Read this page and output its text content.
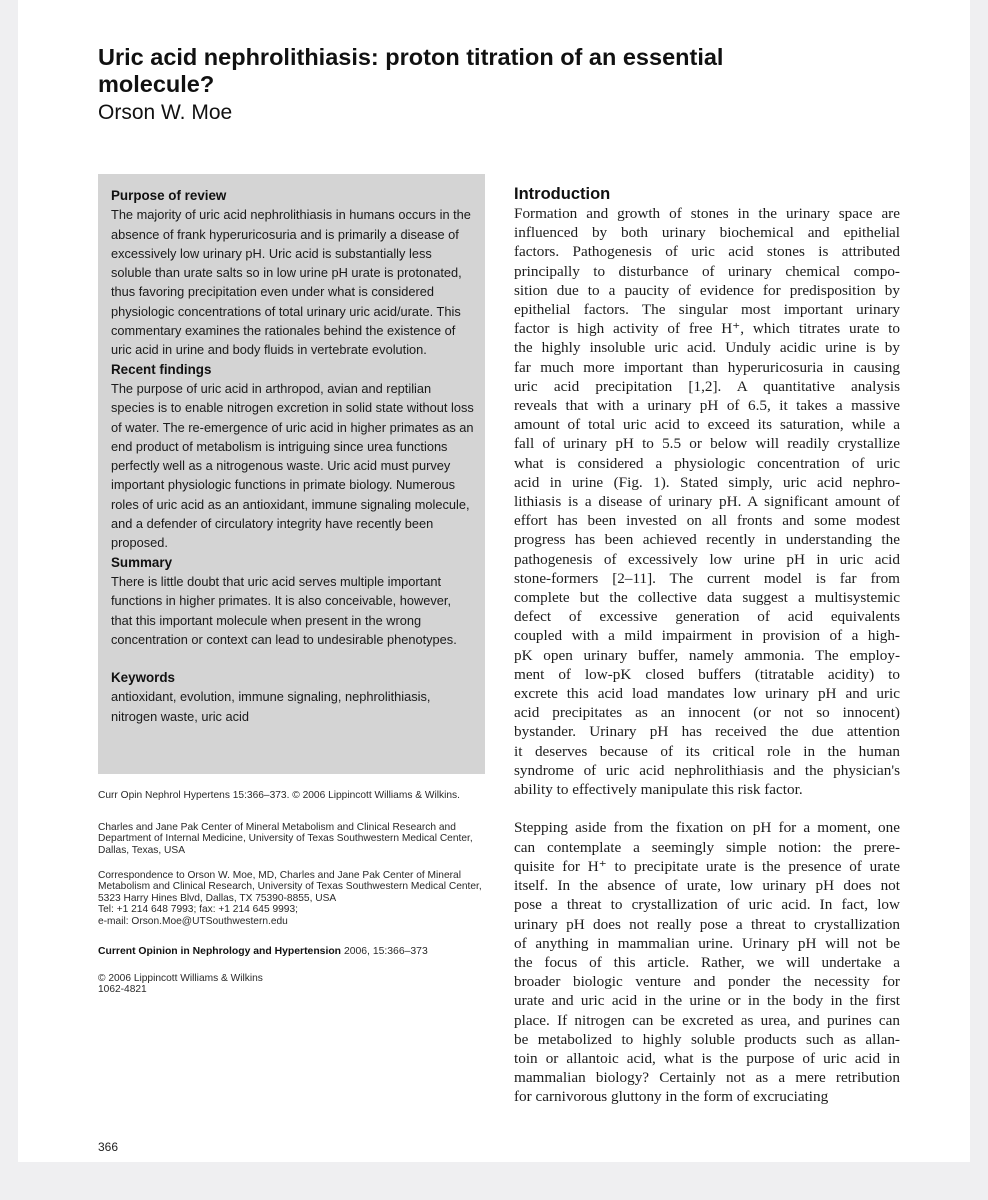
Uric acid nephrolithiasis: proton titration of an essential molecule?
Orson W. Moe
Purpose of review

The majority of uric acid nephrolithiasis in humans occurs in the absence of frank hyperuricosuria and is primarily a disease of excessively low urinary pH. Uric acid is substantially less soluble than urate salts so in low urine pH urate is protonated, thus favoring precipitation even under what is considered physiologic concentrations of total urinary uric acid/urate. This commentary examines the rationales behind the existence of uric acid in urine and body fluids in vertebrate evolution.

Recent findings

The purpose of uric acid in arthropod, avian and reptilian species is to enable nitrogen excretion in solid state without loss of water. The re-emergence of uric acid in higher primates as an end product of metabolism is intriguing since urea functions perfectly well as a nitrogenous waste. Uric acid must purvey important physiologic functions in primate biology. Numerous roles of uric acid as an antioxidant, immune signaling molecule, and a defender of circulatory integrity have recently been proposed.

Summary

There is little doubt that uric acid serves multiple important functions in higher primates. It is also conceivable, however, that this important molecule when present in the wrong concentration or context can lead to undesirable phenotypes.

Keywords

antioxidant, evolution, immune signaling, nephrolithiasis, nitrogen waste, uric acid

Curr Opin Nephrol Hypertens 15:366–373. © 2006 Lippincott Williams & Wilkins.
Charles and Jane Pak Center of Mineral Metabolism and Clinical Research and Department of Internal Medicine, University of Texas Southwestern Medical Center, Dallas, Texas, USA
Correspondence to Orson W. Moe, MD, Charles and Jane Pak Center of Mineral Metabolism and Clinical Research, University of Texas Southwestern Medical Center, 5323 Harry Hines Blvd, Dallas, TX 75390-8855, USA
Tel: +1 214 648 7993; fax: +1 214 645 9993;
e-mail: Orson.Moe@UTSouthwestern.edu
Current Opinion in Nephrology and Hypertension 2006, 15:366–373
© 2006 Lippincott Williams & Wilkins
1062-4821
366
Introduction

Formation and growth of stones in the urinary space are
influenced by both urinary biochemical and epithelial
factors. Pathogenesis of uric acid stones is attributed
principally to disturbance of urinary chemical compo-
sition due to a paucity of evidence for predisposition by
epithelial factors. The singular most important urinary
factor is high activity of free H⁺, which titrates urate to
the highly insoluble uric acid. Unduly acidic urine is by
far much more important than hyperuricosuria in causing
uric acid precipitation [1,2]. A quantitative analysis
reveals that with a urinary pH of 6.5, it takes a massive
amount of total uric acid to exceed its saturation, while a
fall of urinary pH to 5.5 or below will readily crystallize
what is considered a physiologic concentration of uric
acid in urine (Fig. 1). Stated simply, uric acid nephro-
lithiasis is a disease of urinary pH. A significant amount of
effort has been invested on all fronts and some modest
progress has been achieved recently in understanding the
pathogenesis of excessively low urine pH in uric acid
stone-formers [2–11]. The current model is far from
complete but the collective data suggest a multisystemic
defect of excessive generation of acid equivalents
coupled with a mild impairment in provision of a high-
pK open urinary buffer, namely ammonia. The employ-
ment of low-pK closed buffers (titratable acidity) to
excrete this acid load mandates low urinary pH and uric
acid precipitates as an innocent (or not so innocent)
bystander. Urinary pH has received the due attention
it deserves because of its critical role in the human
syndrome of uric acid nephrolithiasis and the physician's
ability to effectively manipulate this risk factor.

Stepping aside from the fixation on pH for a moment, one
can contemplate a seemingly simple notion: the prere-
quisite for H⁺ to precipitate urate is the presence of urate
itself. In the absence of urate, low urinary pH does not
pose a threat to crystallization of uric acid. In fact, low
urinary pH does not really pose a threat to crystallization
of anything in mammalian urine. Urinary pH will not be
the focus of this article. Rather, we will undertake a
broader biologic venture and ponder the necessity for
urate and uric acid in the urine or in the body in the first
place. If nitrogen can be excreted as urea, and purines can
be metabolized to highly soluble products such as allan-
toin or allantoic acid, what is the purpose of uric acid in
mammalian biology? Certainly not as a mere retribution
for carnivorous gluttony in the form of excruciating
